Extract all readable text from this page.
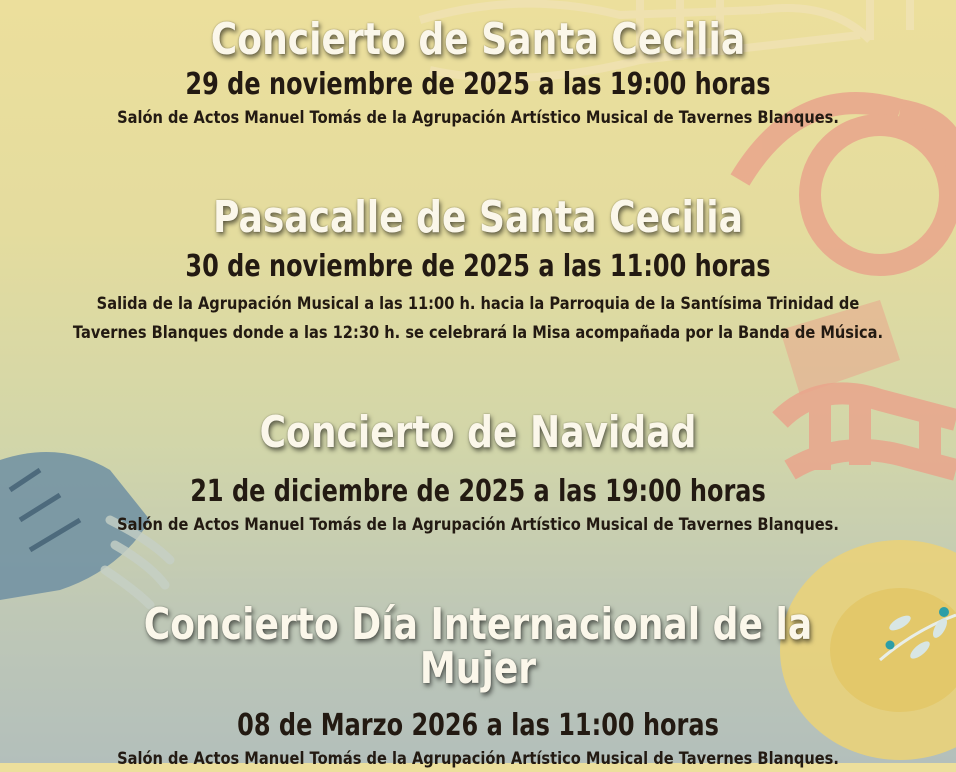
Concierto de Santa Cecilia
29 de noviembre de 2025 a las 19:00 horas
Salón de Actos Manuel Tomás de la Agrupación Artístico Musical de Tavernes Blanques.
Pasacalle de Santa Cecilia
30 de noviembre de 2025 a las 11:00 horas
Salida de la Agrupación Musical a las 11:00 h. hacia la Parroquia de la Santísima Trinidad de
Tavernes Blanques donde a las 12:30 h. se celebrará la Misa acompañada por la Banda de Música.
Concierto de Navidad
21 de diciembre de 2025 a las 19:00 horas
Salón de Actos Manuel Tomás de la Agrupación Artístico Musical de Tavernes Blanques.
Concierto Día Internacional de la Mujer
08 de Marzo 2026 a las 11:00 horas
Salón de Actos Manuel Tomás de la Agrupación Artístico Musical de Tavernes Blanques.
